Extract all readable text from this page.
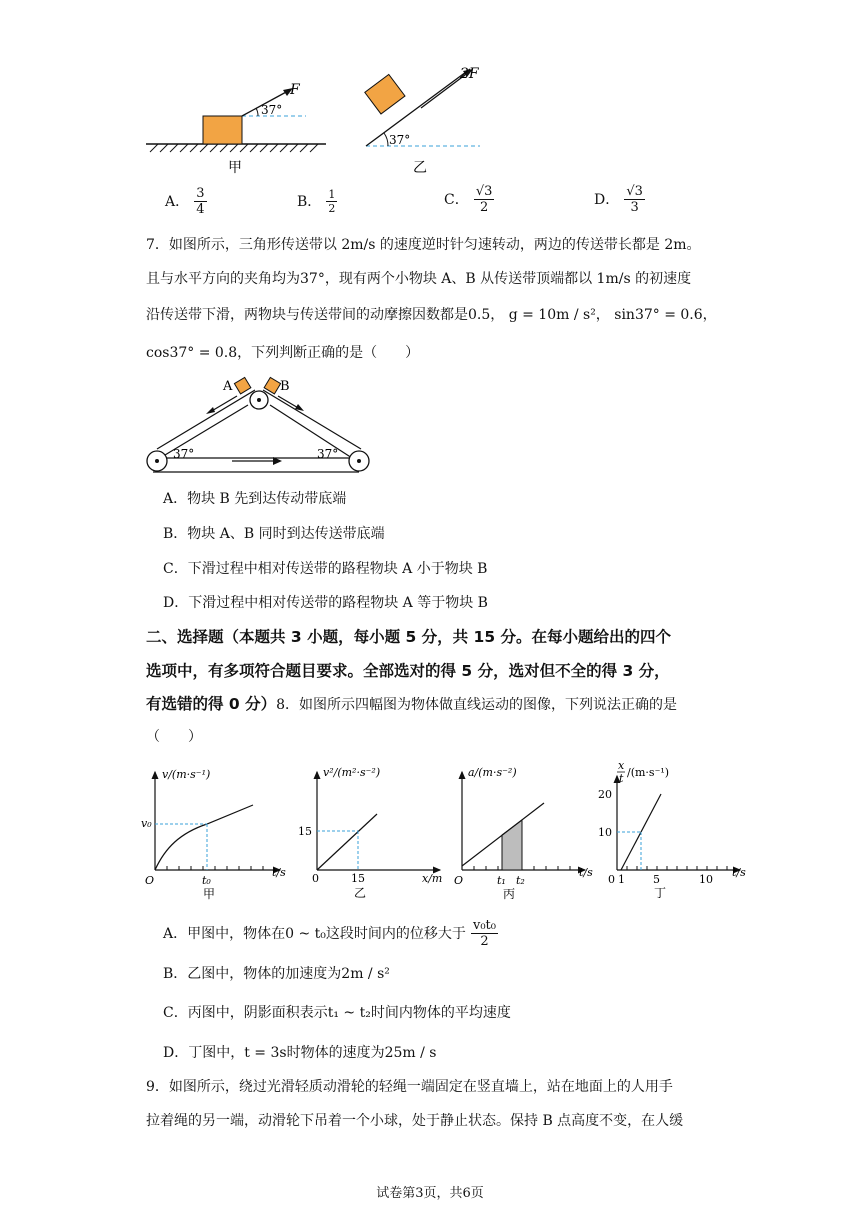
F
37°
甲
2F
37°
乙
A． $\frac{3}{4}$	B． $\frac{1}{2}$	C． $\frac{√3}{2}$	D． $\frac{√3}{3}$
7．如图所示，三角形传送带以 2m/s 的速度逆时针匀速转动，两边的传送带长都是 2m。
且与水平方向的夹角均为37°，现有两个小物块 A、B 从传送带顶端都以 1m/s 的初速度
沿传送带下滑，两物块与传送带间的动摩擦因数都是0.5， g = 10m / s²， sin37° = 0.6，
cos37° = 0.8，下列判断正确的是（　　）
A	B
37°	37°
A．物块 B 先到达传动带底端
B．物块 A、B 同时到达传送带底端
C．下滑过程中相对传送带的路程物块 A 小于物块 B
D．下滑过程中相对传送带的路程物块 A 等于物块 B
二、选择题（本题共 3 小题，每小题 5 分，共 15 分。在每小题给出的四个
选项中，有多项符合题目要求。全部选对的得 5 分，选对但不全的得 3 分，
有选错的得 0 分）8．如图所示四幅图为物体做直线运动的图像，下列说法正确的是
（　　）
v/(m·s⁻¹)
t/s
v₀
t₀
O
甲
v²/(m²·s⁻²)
x/m
15
15
0
乙
a/(m·s⁻²)
t/s
t₁ t₂
O
丙
x
t /(m·s⁻¹)
t/s
20
10
0 1	5	10
丁
A．甲图中，物体在0 ~ t₀这段时间内的位移大于 $\frac{\text{v₀t₀}}{2}$
B．乙图中，物体的加速度为2m / s²
C．丙图中，阴影面积表示t₁ ~ t₂时间内物体的平均速度
D．丁图中，t = 3s时物体的速度为25m / s
9．如图所示，绕过光滑轻质动滑轮的轻绳一端固定在竖直墙上，站在地面上的人用手
拉着绳的另一端，动滑轮下吊着一个小球，处于静止状态。保持 B 点高度不变，在人缓
试卷第3页，共6页
